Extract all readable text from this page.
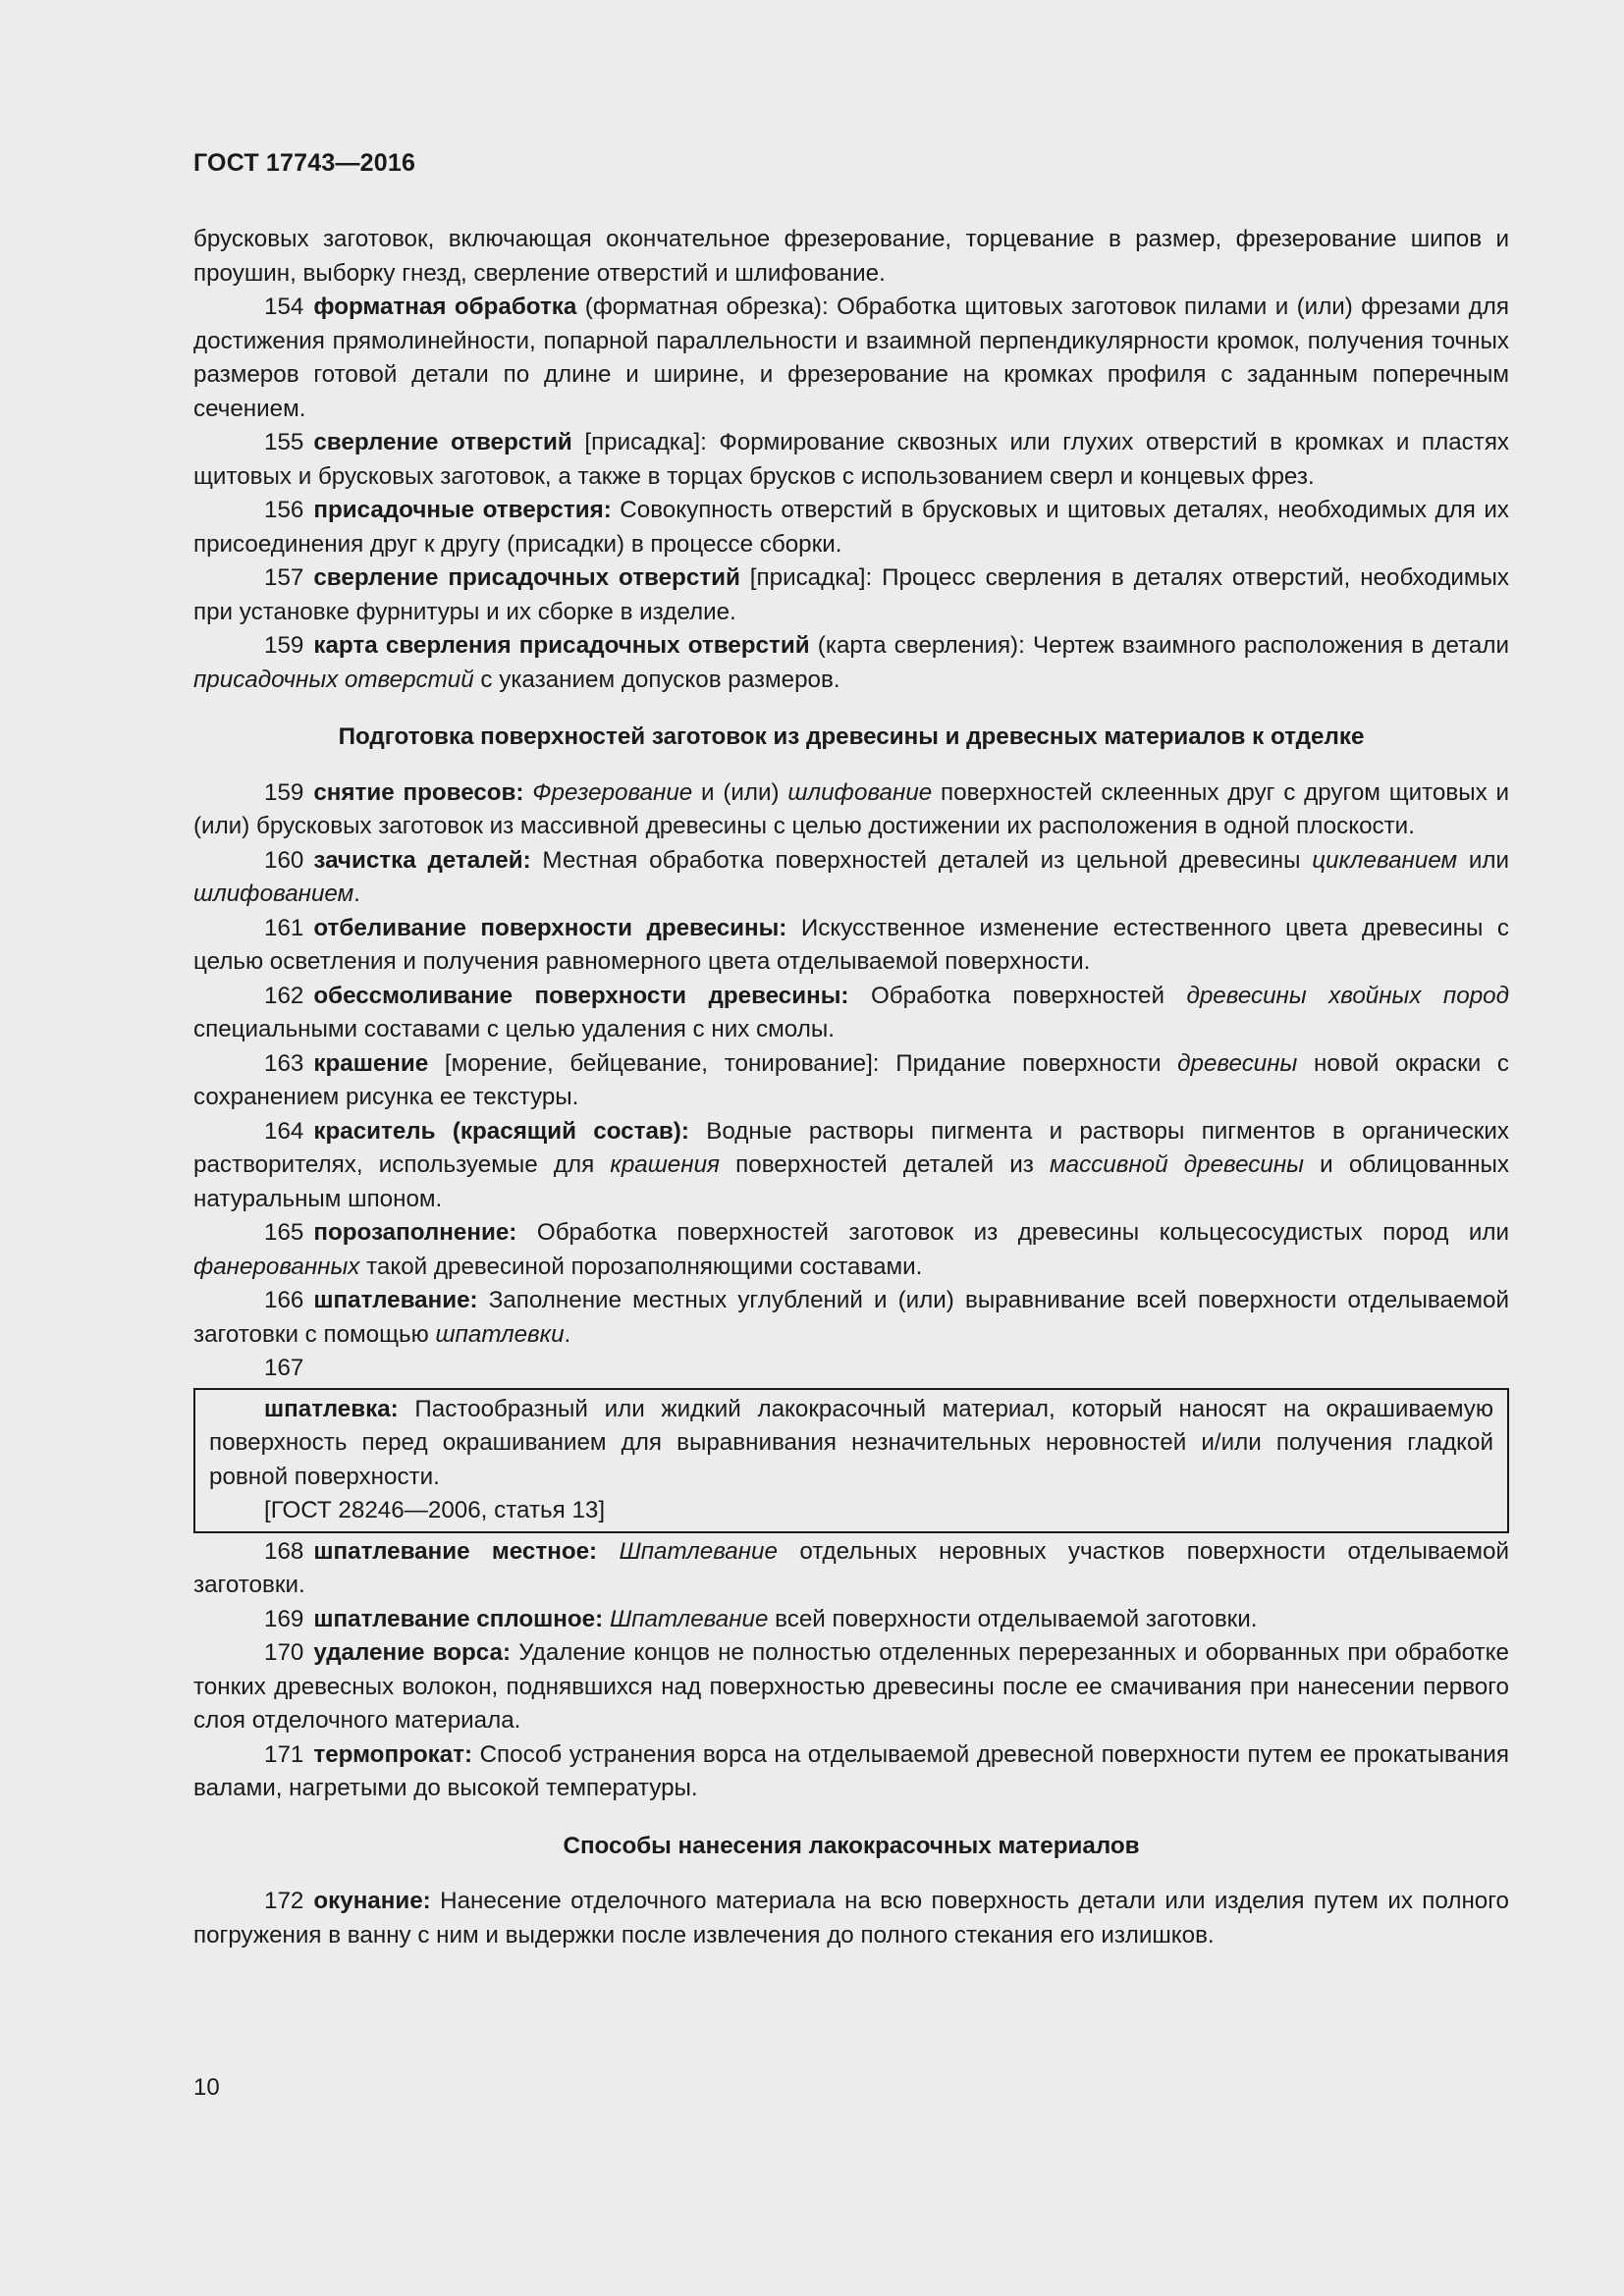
ГОСТ 17743—2016

брусковых заготовок, включающая окончательное фрезерование, торцевание в размер, фрезерование шипов и проушин, выборку гнезд, сверление отверстий и шлифование.

154 форматная обработка (форматная обрезка): Обработка щитовых заготовок пилами и (или) фрезами для достижения прямолинейности, попарной параллельности и взаимной перпендикулярности кромок, получения точных размеров готовой детали по длине и ширине, и фрезерование на кромках профиля с заданным поперечным сечением.

155 сверление отверстий [присадка]: Формирование сквозных или глухих отверстий в кромках и пластях щитовых и брусковых заготовок, а также в торцах брусков с использованием сверл и концевых фрез.

156 присадочные отверстия: Совокупность отверстий в брусковых и щитовых деталях, необходимых для их присоединения друг к другу (присадки) в процессе сборки.

157 сверление присадочных отверстий [присадка]: Процесс сверления в деталях отверстий, необходимых при установке фурнитуры и их сборке в изделие.

159 карта сверления присадочных отверстий (карта сверления): Чертеж взаимного расположения в детали присадочных отверстий с указанием допусков размеров.

Подготовка поверхностей заготовок из древесины и древесных материалов к отделке

159 снятие провесов: Фрезерование и (или) шлифование поверхностей склеенных друг с другом щитовых и (или) брусковых заготовок из массивной древесины с целью достижении их расположения в одной плоскости.

160 зачистка деталей: Местная обработка поверхностей деталей из цельной древесины циклеванием или шлифованием.

161 отбеливание поверхности древесины: Искусственное изменение естественного цвета древесины с целью осветления и получения равномерного цвета отделываемой поверхности.

162 обессмоливание поверхности древесины: Обработка поверхностей древесины хвойных пород специальными составами с целью удаления с них смолы.

163 крашение [морение, бейцевание, тонирование]: Придание поверхности древесины новой окраски с сохранением рисунка ее текстуры.

164 краситель (красящий состав): Водные растворы пигмента и растворы пигментов в органических растворителях, используемые для крашения поверхностей деталей из массивной древесины и облицованных натуральным шпоном.

165 порозаполнение: Обработка поверхностей заготовок из древесины кольцесосудистых пород или фанерованных такой древесиной порозаполняющими составами.

166 шпатлевание: Заполнение местных углублений и (или) выравнивание всей поверхности отделываемой заготовки с помощью шпатлевки.

167

шпатлевка: Пастообразный или жидкий лакокрасочный материал, который наносят на окрашиваемую поверхность перед окрашиванием для выравнивания незначительных неровностей и/или получения гладкой ровной поверхности.

[ГОСТ 28246—2006, статья 13]

168 шпатлевание местное: Шпатлевание отдельных неровных участков поверхности отделываемой заготовки.

169 шпатлевание сплошное: Шпатлевание всей поверхности отделываемой заготовки.

170 удаление ворса: Удаление концов не полностью отделенных перерезанных и оборванных при обработке тонких древесных волокон, поднявшихся над поверхностью древесины после ее смачивания при нанесении первого слоя отделочного материала.

171 термопрокат: Способ устранения ворса на отделываемой древесной поверхности путем ее прокатывания валами, нагретыми до высокой температуры.

Способы нанесения лакокрасочных материалов

172 окунание: Нанесение отделочного материала на всю поверхность детали или изделия путем их полного погружения в ванну с ним и выдержки после извлечения до полного стекания его излишков.

10
